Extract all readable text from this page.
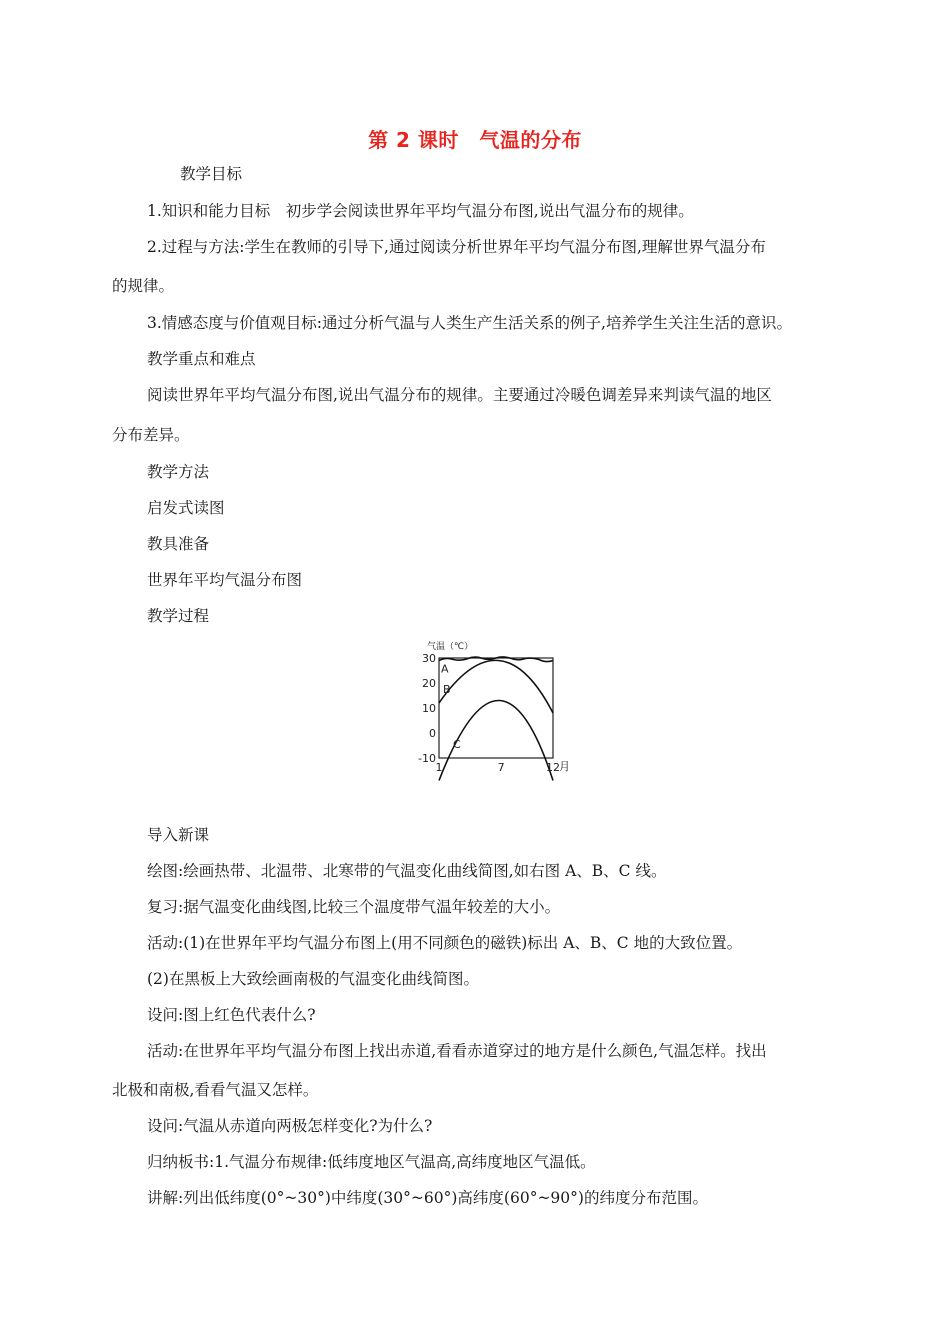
第 2 课时　气温的分布
教学目标
1.知识和能力目标　初步学会阅读世界年平均气温分布图,说出气温分布的规律。
2.过程与方法:学生在教师的引导下,通过阅读分析世界年平均气温分布图,理解世界气温分布
的规律。
3.情感态度与价值观目标:通过分析气温与人类生产生活关系的例子,培养学生关注生活的意识。
教学重点和难点
阅读世界年平均气温分布图,说出气温分布的规律。主要通过冷暖色调差异来判读气温的地区
分布差异。
教学方法
启发式读图
教具准备
世界年平均气温分布图
教学过程
气温（℃）
30
20
10
0
-10
1	7	12
A
B
C
月
导入新课
绘图:绘画热带、北温带、北寒带的气温变化曲线简图,如右图 A、B、C 线。
复习:据气温变化曲线图,比较三个温度带气温年较差的大小。
活动:(1)在世界年平均气温分布图上(用不同颜色的磁铁)标出 A、B、C 地的大致位置。
(2)在黑板上大致绘画南极的气温变化曲线简图。
设问:图上红色代表什么?
活动:在世界年平均气温分布图上找出赤道,看看赤道穿过的地方是什么颜色,气温怎样。找出
北极和南极,看看气温又怎样。
设问:气温从赤道向两极怎样变化?为什么?
归纳板书:1.气温分布规律:低纬度地区气温高,高纬度地区气温低。
讲解:列出低纬度(0°~30°)中纬度(30°~60°)高纬度(60°~90°)的纬度分布范围。
